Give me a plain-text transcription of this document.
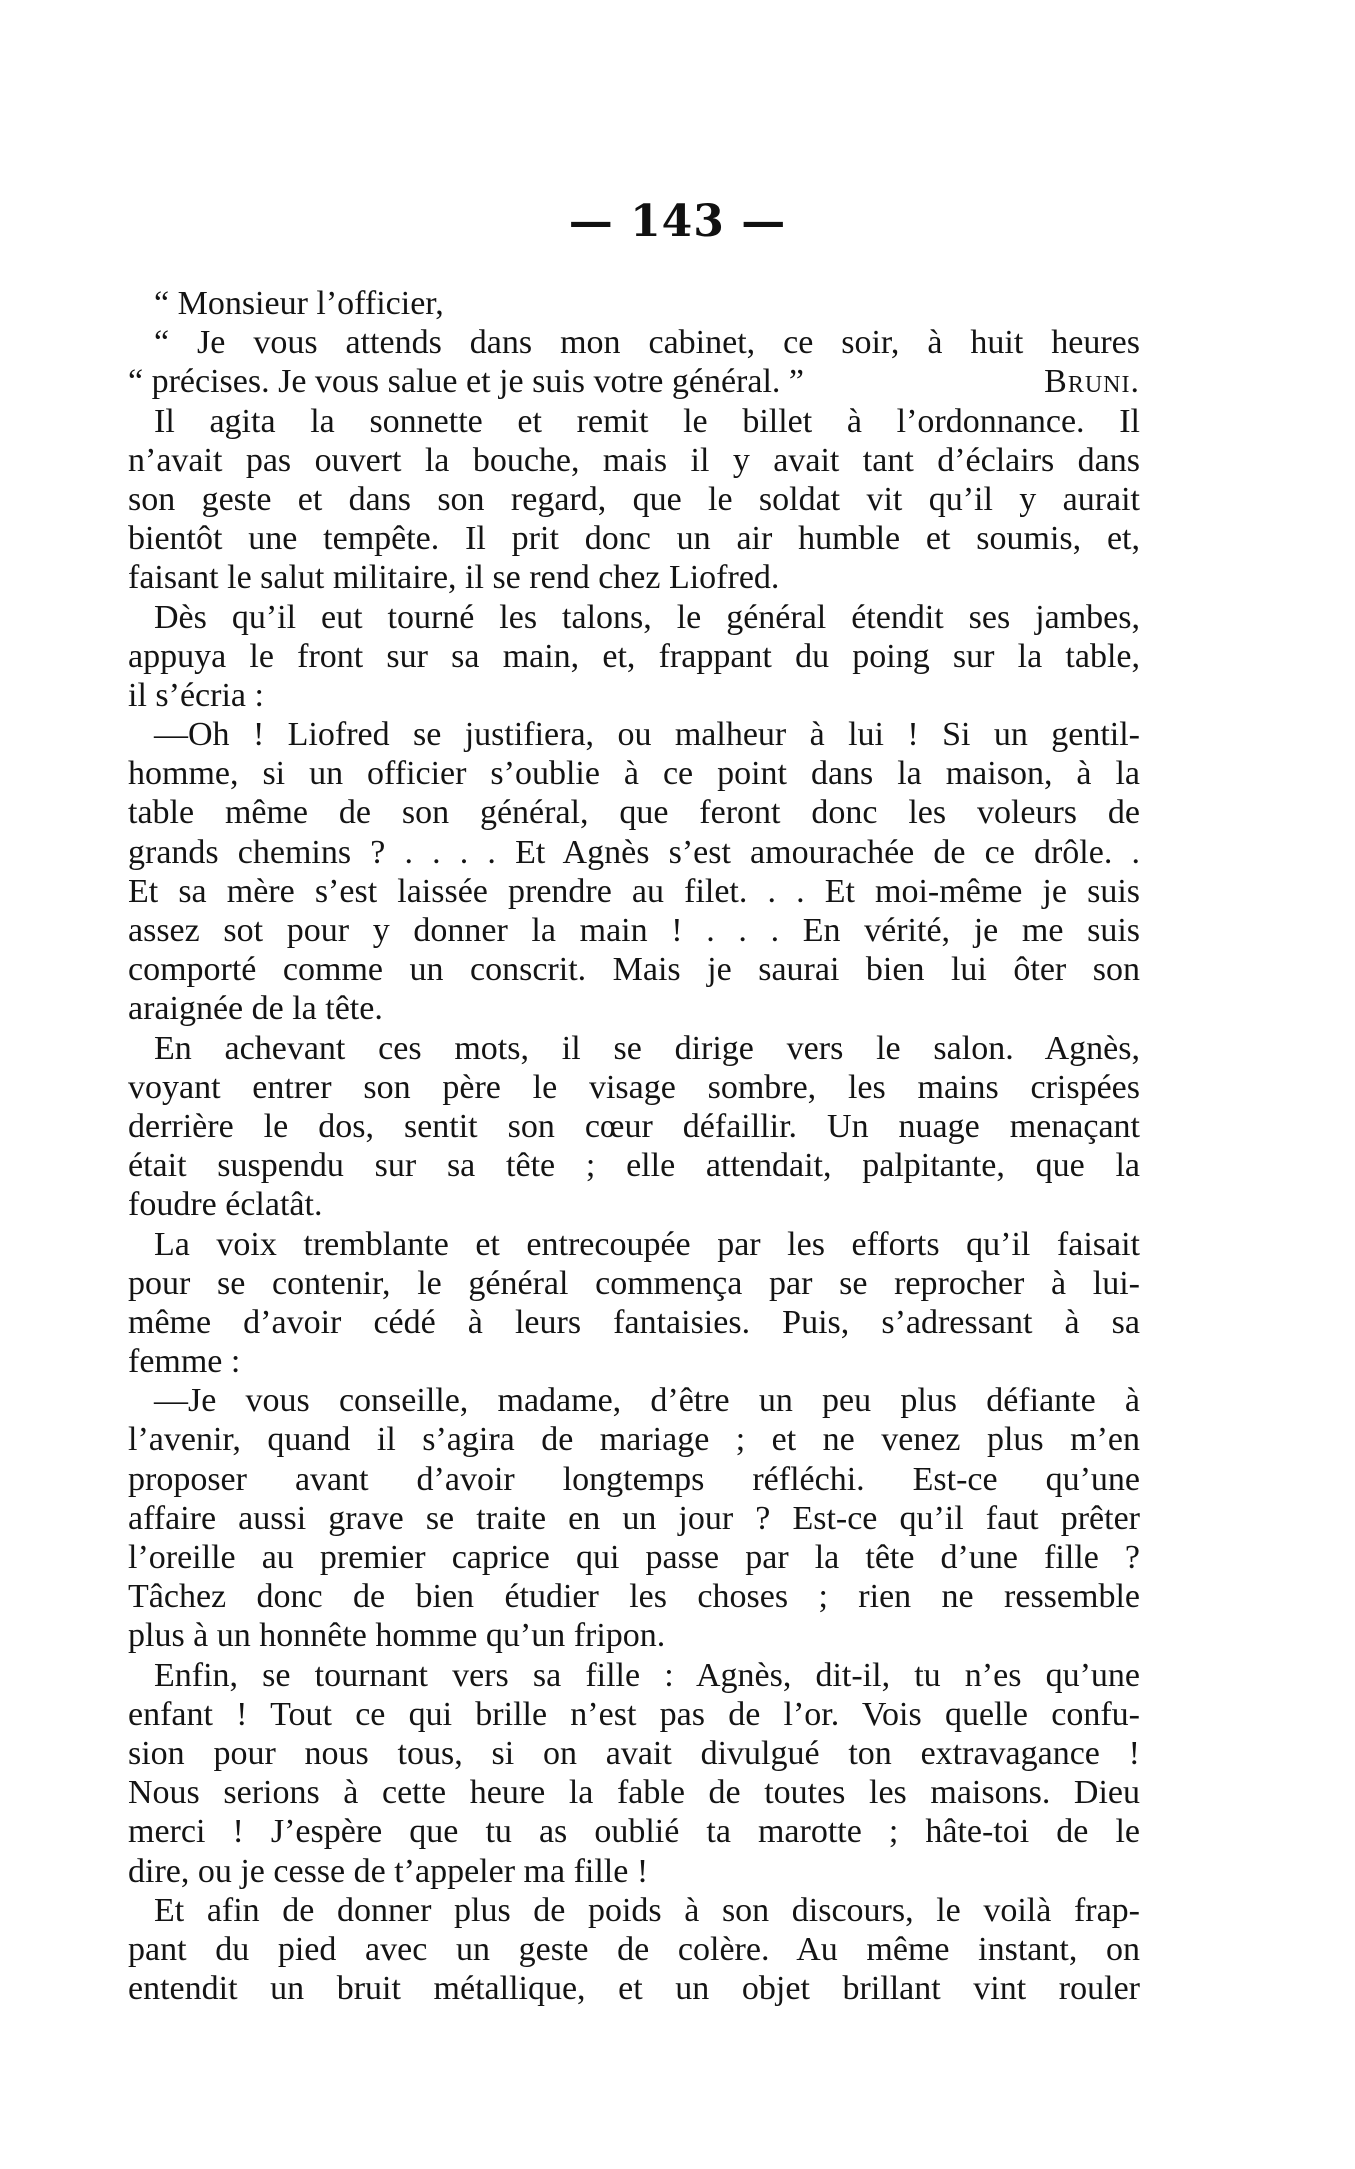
— 143 —
“ Monsieur l’officier,
“ Je vous attends dans mon cabinet, ce soir, à huit heures
“ précises. Je vous salue et je suis votre général. ”	Bruni.
Il agita la sonnette et remit le billet à l’ordonnance. Il
n’avait pas ouvert la bouche, mais il y avait tant d’éclairs dans
son geste et dans son regard, que le soldat vit qu’il y aurait
bientôt une tempête. Il prit donc un air humble et soumis, et,
faisant le salut militaire, il se rend chez Liofred.
Dès qu’il eut tourné les talons, le général étendit ses jambes,
appuya le front sur sa main, et, frappant du poing sur la table,
il s’écria :
—Oh ! Liofred se justifiera, ou malheur à lui ! Si un gentil-
homme, si un officier s’oublie à ce point dans la maison, à la
table même de son général, que feront donc les voleurs de
grands chemins ? . . . . Et Agnès s’est amourachée de ce drôle. .
Et sa mère s’est laissée prendre au filet. . . Et moi-même je suis
assez sot pour y donner la main ! . . . En vérité, je me suis
comporté comme un conscrit. Mais je saurai bien lui ôter son
araignée de la tête.
En achevant ces mots, il se dirige vers le salon. Agnès,
voyant entrer son père le visage sombre, les mains crispées
derrière le dos, sentit son cœur défaillir. Un nuage menaçant
était suspendu sur sa tête ; elle attendait, palpitante, que la
foudre éclatât.
La voix tremblante et entrecoupée par les efforts qu’il faisait
pour se contenir, le général commença par se reprocher à lui-
même d’avoir cédé à leurs fantaisies. Puis, s’adressant à sa
femme :
—Je vous conseille, madame, d’être un peu plus défiante à
l’avenir, quand il s’agira de mariage ; et ne venez plus m’en
proposer avant d’avoir longtemps réfléchi. Est-ce qu’une
affaire aussi grave se traite en un jour ? Est-ce qu’il faut prêter
l’oreille au premier caprice qui passe par la tête d’une fille ?
Tâchez donc de bien étudier les choses ; rien ne ressemble
plus à un honnête homme qu’un fripon.
Enfin, se tournant vers sa fille : Agnès, dit-il, tu n’es qu’une
enfant ! Tout ce qui brille n’est pas de l’or. Vois quelle confu-
sion pour nous tous, si on avait divulgué ton extravagance !
Nous serions à cette heure la fable de toutes les maisons. Dieu
merci ! J’espère que tu as oublié ta marotte ; hâte-toi de le
dire, ou je cesse de t’appeler ma fille !
Et afin de donner plus de poids à son discours, le voilà frap-
pant du pied avec un geste de colère. Au même instant, on
entendit un bruit métallique, et un objet brillant vint rouler
